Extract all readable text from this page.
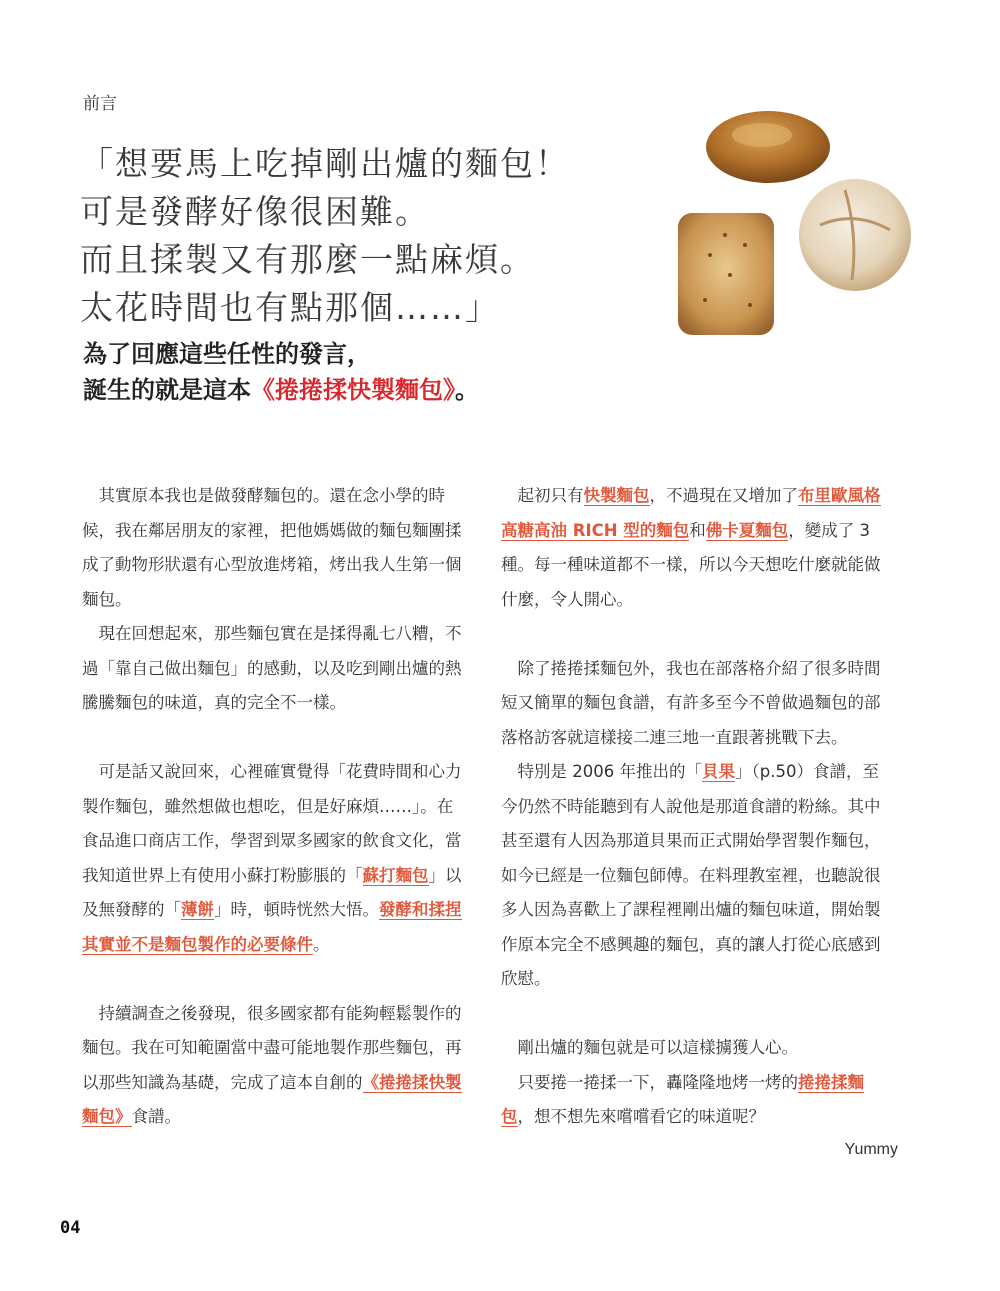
前言
「想要馬上吃掉剛出爐的麵包！
可是發酵好像很困難。
而且揉製又有那麼一點麻煩。
太花時間也有點那個……」
為了回應這些任性的發言，
誕生的就是這本《捲捲揉快製麵包》。

其實原本我也是做發酵麵包的。還在念小學的時候，我在鄰居朋友的家裡，把他媽媽做的麵包麵團揉成了動物形狀還有心型放進烤箱，烤出我人生第一個麵包。

現在回想起來，那些麵包實在是揉得亂七八糟，不過「靠自己做出麵包」的感動，以及吃到剛出爐的熱騰騰麵包的味道，真的完全不一樣。

可是話又說回來，心裡確實覺得「花費時間和心力製作麵包，雖然想做也想吃，但是好麻煩……」。在食品進口商店工作，學習到眾多國家的飲食文化，當我知道世界上有使用小蘇打粉膨脹的「蘇打麵包」以及無發酵的「薄餅」時，頓時恍然大悟。發酵和揉捏其實並不是麵包製作的必要條件。

持續調查之後發現，很多國家都有能夠輕鬆製作的麵包。我在可知範圍當中盡可能地製作那些麵包，再以那些知識為基礎，完成了這本自創的《捲捲揉快製麵包》食譜。

起初只有快製麵包，不過現在又增加了布里歐風格高糖高油 RICH 型的麵包和佛卡夏麵包，變成了 3 種。每一種味道都不一樣，所以今天想吃什麼就能做什麼，令人開心。

除了捲捲揉麵包外，我也在部落格介紹了很多時間短又簡單的麵包食譜，有許多至今不曾做過麵包的部落格訪客就這樣接二連三地一直跟著挑戰下去。

特別是 2006 年推出的「貝果」（p.50）食譜，至今仍然不時能聽到有人說他是那道食譜的粉絲。其中甚至還有人因為那道貝果而正式開始學習製作麵包，如今已經是一位麵包師傅。在料理教室裡，也聽說很多人因為喜歡上了課程裡剛出爐的麵包味道，開始製作原本完全不感興趣的麵包，真的讓人打從心底感到欣慰。

剛出爐的麵包就是可以這樣擄獲人心。

只要捲一捲揉一下，轟隆隆地烤一烤的捲捲揉麵包，想不想先來嚐嚐看它的味道呢？

Yummy
04
